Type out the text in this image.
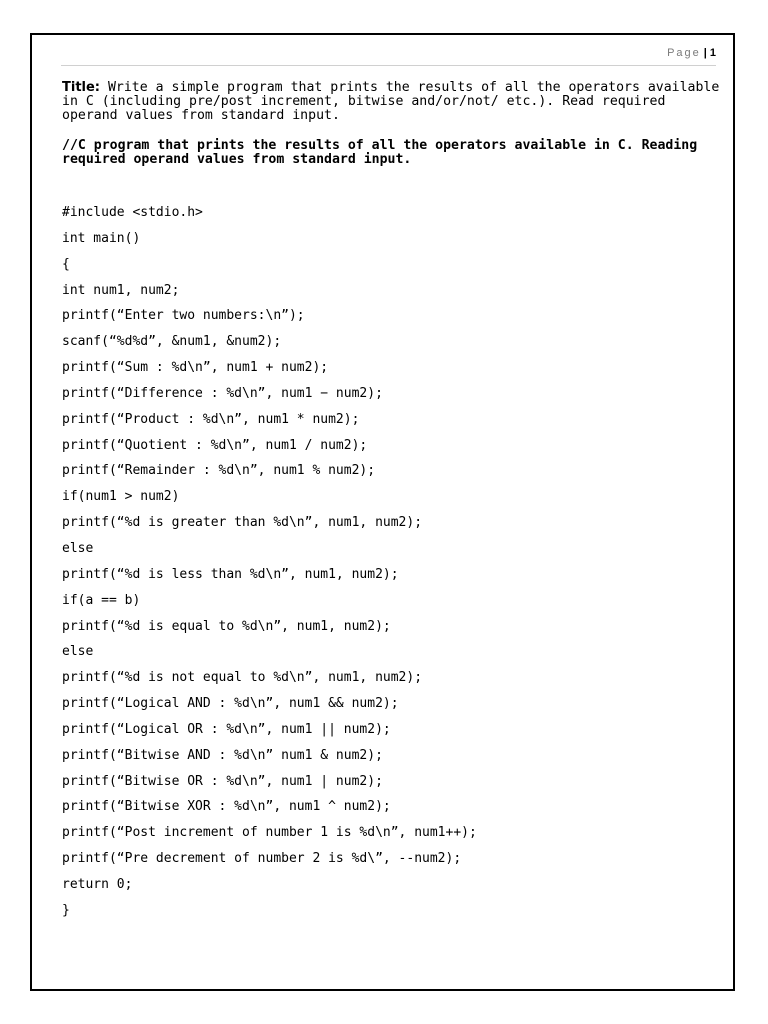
Page | 1
Title: Write a simple program that prints the results of all the operators available in C (including pre/post increment, bitwise and/or/not/ etc.). Read required operand values from standard input.
//C program that prints the results of all the operators available in C. Reading required operand values from standard input.
#include <stdio.h>
int main()
{
int num1, num2;
printf(“Enter two numbers:\n”);
scanf(“%d%d”, &num1, &num2);
printf(“Sum : %d\n”, num1 + num2);
printf(“Difference : %d\n”, num1 − num2);
printf(“Product : %d\n”, num1 * num2);
printf(“Quotient : %d\n”, num1 / num2);
printf(“Remainder : %d\n”, num1 % num2);
if(num1 > num2)
printf(“%d is greater than %d\n”, num1, num2);
else
printf(“%d is less than %d\n”, num1, num2);
if(a == b)
printf(“%d is equal to %d\n”, num1, num2);
else
printf(“%d is not equal to %d\n”, num1, num2);
printf(“Logical AND : %d\n”, num1 && num2);
printf(“Logical OR : %d\n”, num1 || num2);
printf(“Bitwise AND : %d\n” num1 & num2);
printf(“Bitwise OR : %d\n”, num1 | num2);
printf(“Bitwise XOR : %d\n”, num1 ^ num2);
printf(“Post increment of number 1 is %d\n”, num1++);
printf(“Pre decrement of number 2 is %d\”, --num2);
return 0;
}
